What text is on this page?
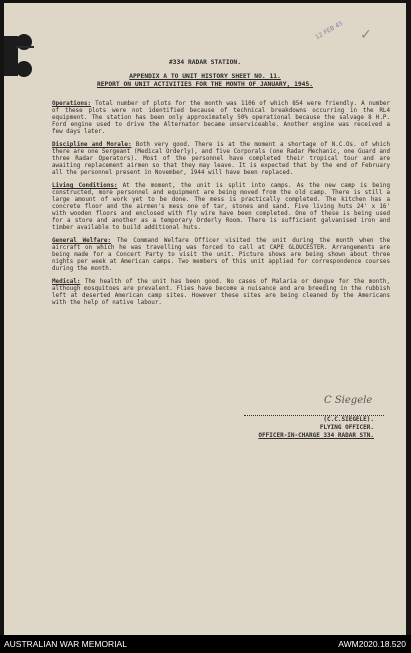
12 FEB 45 ✓
#334 RADAR STATION.
APPENDIX A TO UNIT HISTORY SHEET NO. 11.
REPORT ON UNIT ACTIVITIES FOR THE MONTH OF JANUARY, 1945.

Operations: Total number of plots for the month was 1106 of which 854 were friendly. A number of these plots were not identified because of technical breakdowns occurring in the RL4 equipment. The station has been only approximately 50% operational because the salvage 8 H.P. Ford engine used to drive the Alternator became unserviceable. Another engine was received a few days later.

Discipline and Morale: Both very good. There is at the moment a shortage of N.C.Os. of which there are one Sergeant (Medical Orderly), and five Corporals (one Radar Mechanic, one Guard and three Radar Operators). Most of the personnel have completed their tropical tour and are awaiting replacement airmen so that they may leave. It is expected that by the end of February all the personnel present in November, 1944 will have been replaced.

Living Conditions: At the moment, the unit is split into camps. As the new camp is being constructed, more personnel and equipment are being moved from the old camp. There is still a large amount of work yet to be done. The mess is practically completed. The kitchen has a concrete floor and the airmen's mess one of tar, stones and sand. Five living huts 24' x 16' with wooden floors and enclosed with fly wire have been completed. One of these is being used for a store and another as a temporary Orderly Room. There is sufficient galvanised iron and timber available to build additional huts.

General Welfare: The Command Welfare Officer visited the unit during the month when the aircraft on which he was travelling was forced to call at CAPE GLOUCESTER. Arrangements are being made for a Concert Party to visit the unit. Picture shows are being shown about three nights per week at American camps. Two members of this unit applied for correspondence courses during the month.

Medical: The health of the unit has been good. No cases of Malaria or dengue for the month, although mosquitoes are prevalent. Flies have become a nuisance and are breeding in the rubbish left at deserted American camp sites. However these sites are being cleaned by the Americans with the help of native labour.

C Siegele
(C.C.SIEGELE).
FLYING OFFICER.
OFFICER-IN-CHARGE 334 RADAR STN.
AUSTRALIAN WAR MEMORIAL	AWM2020.18.520
